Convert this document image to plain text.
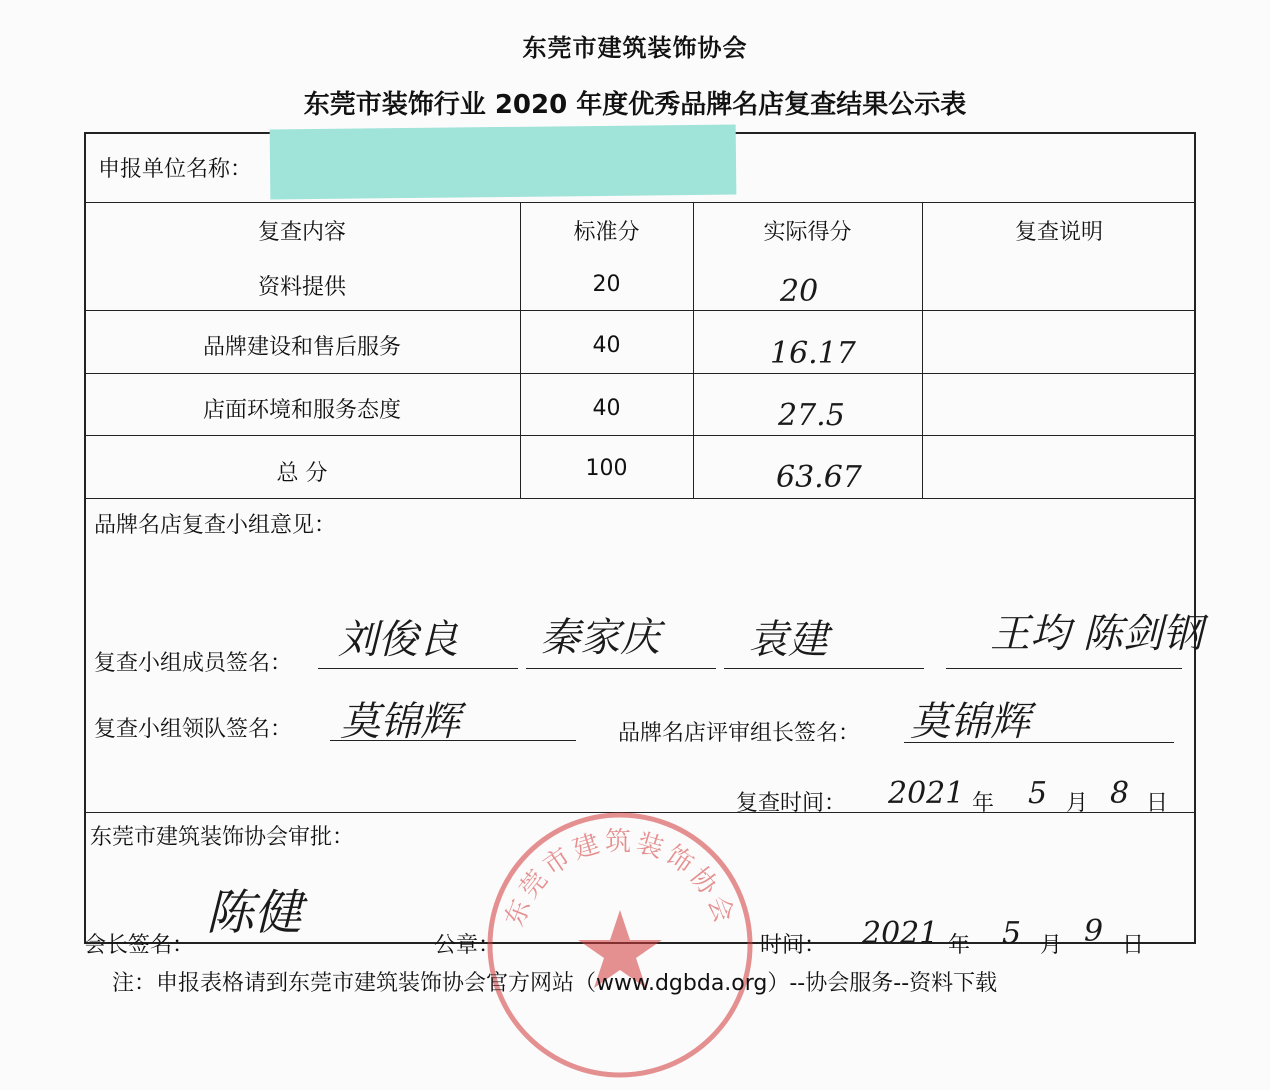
东莞市建筑装饰协会
东莞市装饰行业 2020 年度优秀品牌名店复查结果公示表
申报单位名称：
复查内容	标准分	实际得分	复查说明
资料提供	20	20
品牌建设和售后服务	40	16.17
店面环境和服务态度	40	27.5
总 分	100	63.67
品牌名店复查小组意见：
复查小组成员签名：
刘俊良 秦家庆 袁建	王均 陈剑钢
复查小组领队签名： 莫锦辉	品牌名店评审组长签名： 莫锦辉
复查时间： 2021 年 5 月 8 日
东莞市建筑装饰协会审批：
东莞市建筑装饰协会
会长签名：
陈健
公章：	时间： 2021 年 5 月 9 日
注：申报表格请到东莞市建筑装饰协会官方网站（www.dgbda.org）--协会服务--资料下载
